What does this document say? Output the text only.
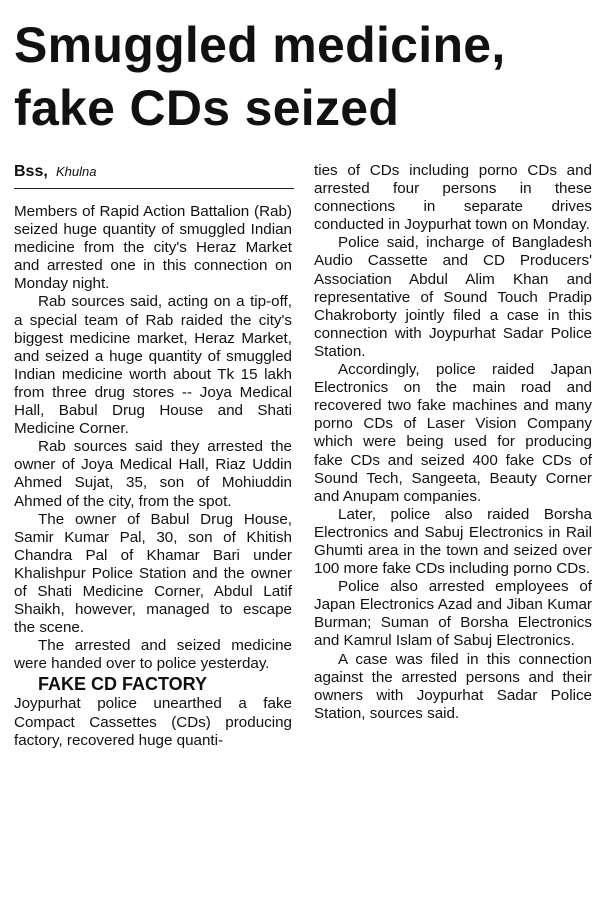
Smuggled medicine,
fake CDs seized
Bss, Khulna

Members of Rapid Action Battalion (Rab) seized huge quantity of smuggled Indian medicine from the city's Heraz Market and arrested one in this connection on Monday night.

Rab sources said, acting on a tip-off, a special team of Rab raided the city's biggest medicine market, Heraz Market, and seized a huge quantity of smuggled Indian medicine worth about Tk 15 lakh from three drug stores -- Joya Medical Hall, Babul Drug House and Shati Medicine Corner.

Rab sources said they arrested the owner of Joya Medical Hall, Riaz Uddin Ahmed Sujat, 35, son of Mohiuddin Ahmed of the city, from the spot.

The owner of Babul Drug House, Samir Kumar Pal, 30, son of Khitish Chandra Pal of Khamar Bari under Khalishpur Police Station and the owner of Shati Medicine Corner, Abdul Latif Shaikh, however, managed to escape the scene.

The arrested and seized medicine were handed over to police yesterday.

FAKE CD FACTORY

Joypurhat police unearthed a fake Compact Cassettes (CDs) producing factory, recovered huge quanti-

ties of CDs including porno CDs and arrested four persons in these connections in separate drives conducted in Joypurhat town on Monday.

Police said, incharge of Bangladesh Audio Cassette and CD Producers' Association Abdul Alim Khan and representative of Sound Touch Pradip Chakroborty jointly filed a case in this connection with Joypurhat Sadar Police Station.

Accordingly, police raided Japan Electronics on the main road and recovered two fake machines and many porno CDs of Laser Vision Company which were being used for producing fake CDs and seized 400 fake CDs of Sound Tech, Sangeeta, Beauty Corner and Anupam companies.

Later, police also raided Borsha Electronics and Sabuj Electronics in Rail Ghumti area in the town and seized over 100 more fake CDs including porno CDs.

Police also arrested employees of Japan Electronics Azad and Jiban Kumar Burman; Suman of Borsha Electronics and Kamrul Islam of Sabuj Electronics.

A case was filed in this connection against the arrested persons and their owners with Joypurhat Sadar Police Station, sources said.
